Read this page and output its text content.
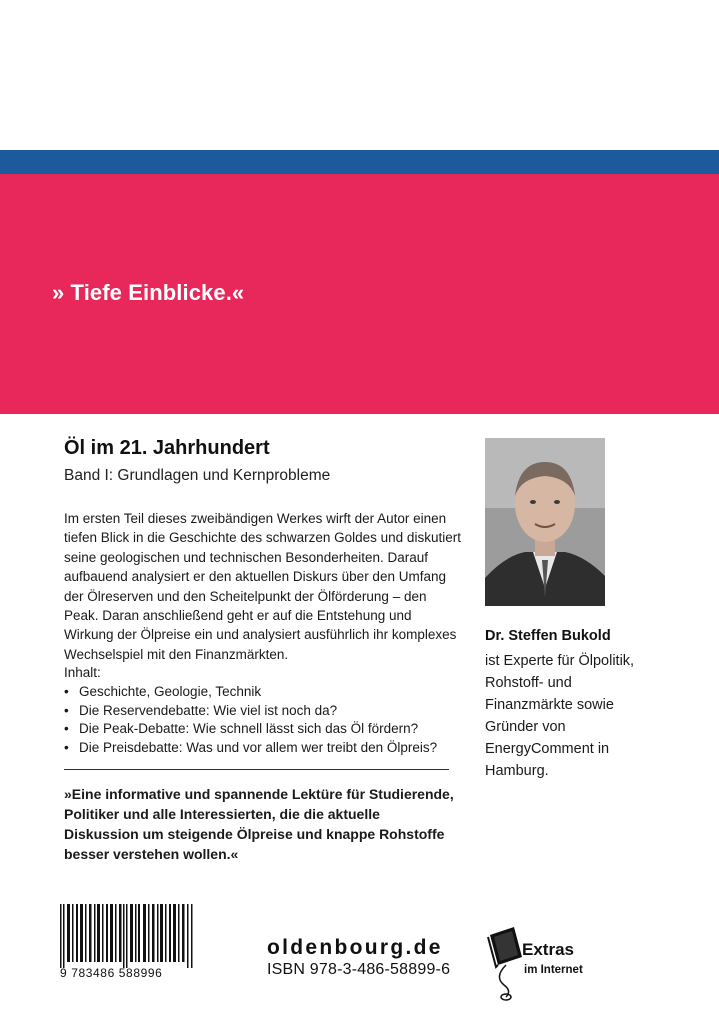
» Tiefe Einblicke.«
Öl im 21. Jahrhundert
Band I: Grundlagen und Kernprobleme

Im ersten Teil dieses zweibändigen Werkes wirft der Autor einen tiefen Blick in die Geschichte des schwarzen Goldes und diskutiert seine geologischen und technischen Besonderheiten. Darauf aufbauend analysiert er den aktuellen Diskurs über den Umfang der Ölreserven und den Scheitelpunkt der Ölförderung – den Peak. Daran anschließend geht er auf die Entstehung und Wirkung der Ölpreise ein und analysiert ausführlich ihr komplexes Wechselspiel mit den Finanzmärkten.

Inhalt:
• Geschichte, Geologie, Technik
• Die Reservendebatte: Wie viel ist noch da?
• Die Peak-Debatte: Wie schnell lässt sich das Öl fördern?
• Die Preisdebatte: Was und vor allem wer treibt den Ölpreis?

»Eine informative und spannende Lektüre für Studierende, Politiker und alle Interessierten, die die aktuelle Diskussion um steigende Ölpreise und knappe Rohstoffe besser verstehen wollen.«

Dr. Steffen Bukold

ist Experte für Ölpolitik, Rohstoff- und Finanzmärkte sowie Gründer von EnergyComment in Hamburg.

9 783486 588996
oldenbourg.de
ISBN 978-3-486-58899-6
Extras
im Internet
